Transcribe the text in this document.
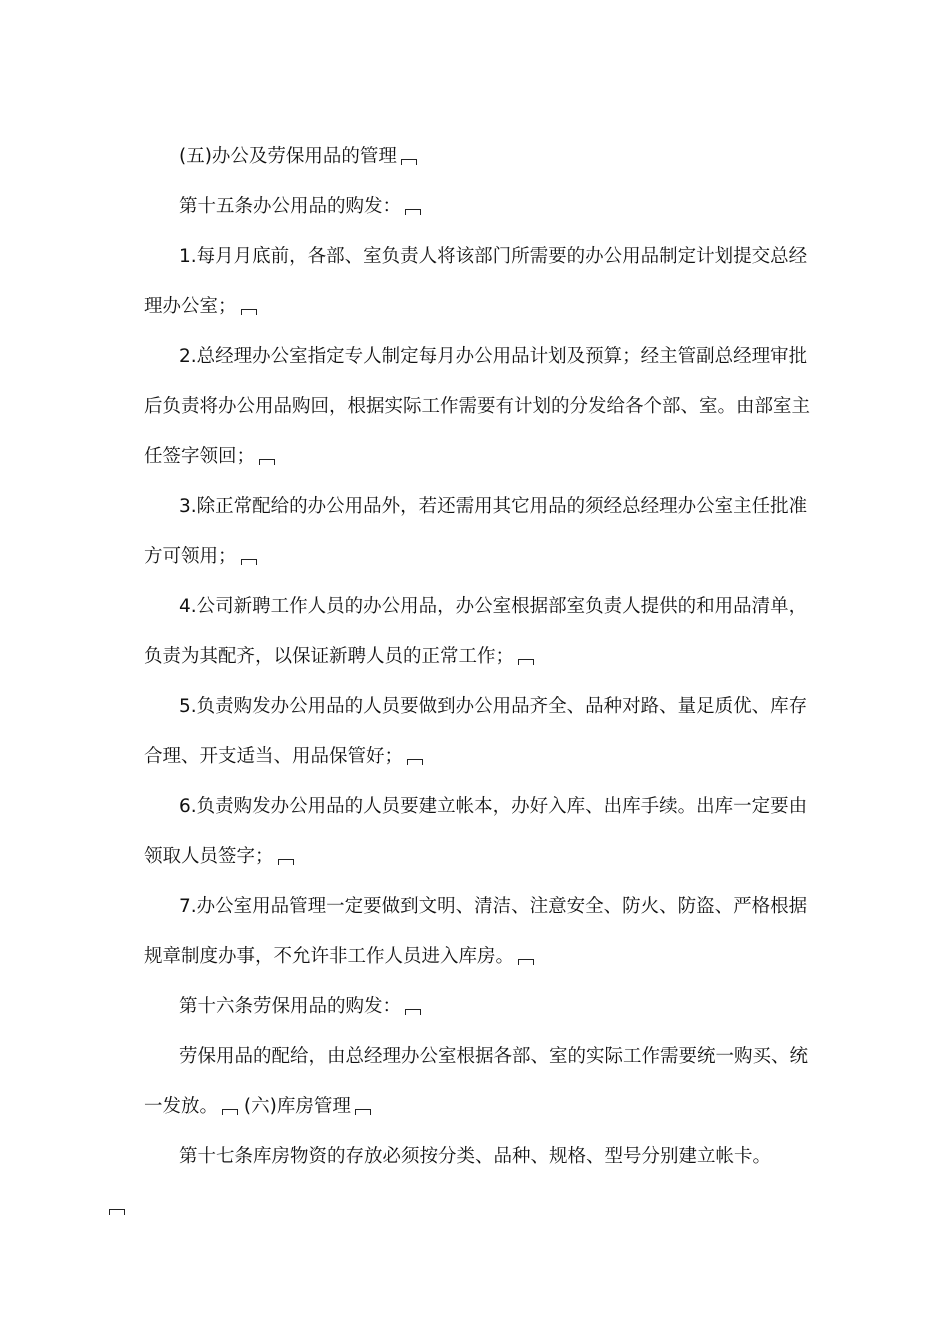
(五)办公及劳保用品的管理

第十五条办公用品的购发：

1.每月月底前，各部、室负责人将该部门所需要的办公用品制定计划提交总经理办公室；

2.总经理办公室指定专人制定每月办公用品计划及预算；经主管副总经理审批后负责将办公用品购回，根据实际工作需要有计划的分发给各个部、室。由部室主任签字领回；

3.除正常配给的办公用品外，若还需用其它用品的须经总经理办公室主任批准方可领用；

4.公司新聘工作人员的办公用品，办公室根据部室负责人提供的和用品清单，负责为其配齐，以保证新聘人员的正常工作；

5.负责购发办公用品的人员要做到办公用品齐全、品种对路、量足质优、库存合理、开支适当、用品保管好；

6.负责购发办公用品的人员要建立帐本，办好入库、出库手续。出库一定要由领取人员签字；

7.办公室用品管理一定要做到文明、清洁、注意安全、防火、防盗、严格根据规章制度办事，不允许非工作人员进入库房。

第十六条劳保用品的购发：

劳保用品的配给，由总经理办公室根据各部、室的实际工作需要统一购买、统一发放。 (六)库房管理

第十七条库房物资的存放必须按分类、品种、规格、型号分别建立帐卡。
